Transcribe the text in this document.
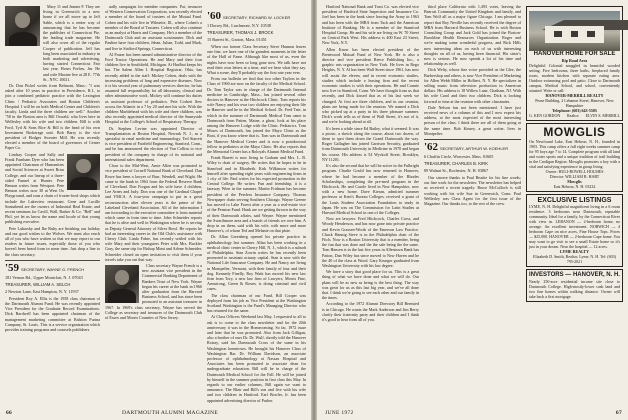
Mary 11 and Jeanne F. They are living in Greenwich in a new home if we all move up to Jeff Sable, which is a center way of announcing that he has become the publisher of Connecticut Pie, the leading trade magazine. He will also cover all of the regular Cooper of publication. Jeff has long been associated in industry in both marketing and advertising, having started Connecticut Fair last year. Hoses Forbes, Jnr. He and wife Maxine live at 28 E. 77th St., NYC 10021.

Dr. Don Pickel writes from Belmont, Mass.: "I was asked after 10 years in practice in Providence, R.I., to join a combined pediatric practice with the Lexington Clinic / Pediatric Associates and Boston Children's Hospital. I will be on both Medical Center and Children's faculty. Linda and the three children are well." Another "58 in the Boston area is Bill Oswald, who lives here in Wellesley with his wife and two children. Bill is with Ford, Tyd & Sons Rice & Bill is the head of his own Investment Brokerage unit. Bob Barry is the vice president of Hodges Sweater Mill. He was recently elected a member of the board of governors of Center Paper Co.

Lindsay Cooper and Sally and Frank Farnham Dyer who has been appointed Chairman of Humanities and Social Sciences at Sweet Briar College, and our lineup of a three-sided Funnel at Hunter. Pete Benson writes from Westport. Pete Benson writes now 30 at West Ox Playground, and runs a chain of frozen-food shops which include the Lakeview restaurant. Gene and Lucille Sonnabend are the owners of Industrial Real Estate, and recent seminars for Cavill, Wall, Barker & Co. "Bell" and Phil, yet let us know the name and locale of that young publishing executive.

Pete Lubarsky and Ike Ruby are finishing our holiday and our good wishes to the Wolves. We must also reach all of you who have written so that we may report to our readers in future issues, especially those of you who haven't been heard from in some time. Just drop a line to the class secretary.

'59 SECRETARY, WAYNE G. FRENCH
181 Vernon Rd., Upper Montclair, N. J. 07043
TREASURER, WILLIAM A. SELCH
2 Newton Lane, East Hampton, N. Y. 11937

President Roy A. Ellis is the 1958 class chairman of the Dartmouth Alumni Fund. He was recently appointed Vice President for the Graduate Record Examinations. Dick Bardwell has been appointed chairman of the management marketing committee at Ralston Purina Company, St. Louis. This is a service organization which provides training programs and counsels publishers.

ually campaigns for member companies. Pat, treasurer of Western Conservation Corporation, was recently elected a member of the board of trustees of the Mutual Fund. Cohen and his wife live in Wilmette, Ill., where Cohen's a member of the Board of Trustees. Cohen will also continue as an analyst at Harris and Company. He's a member of the Dartmouth Club and an assistant scoutmaster. Dick and Pauline have four children, Jehan, Julian, Todd, and Mark, and live in Stafford Springs, Connecticut.

Al Frazer has been named administrative director of the Ford Tractor Operations. He and Mary and their four children live in Southfield, Michigan. At Hurlbut keeps his hat. The Salem Allen I. Hospital Registrar, Ohio, has recently added to the staff: Mickey Cohen, deals with the increasing problems of long and expensive diseases. Now it is his second year of pulmonary services director, he has assumed full responsibility for all laboratory, clinical and other administrative work. Mickey will continue his duties as assistant professor of pediatrics. Pete Corbett flew across the Atlantic in a 7 by 20 and met his wife. With the children Marblehead with his wife and three children, was also recently appointed medical director of the Sunnyside Hospital at the College's School of Respiratory Therapy.

Dr. Stephen Levine was appointed Director of Transplantation at Boston Hospital, Newark N. J., as a specialist in renal medicine and immunology. Ted Starrett is vice president of Fairfield Engineering, Stanford, Conn., and he has announced the election of Van Collins to vice president of the company in charge of its national and international sales department.

Close to the Mid-West, Arnie Allen was promoted to vice president of Cornell National Bank of Cleveland. Dan Rowe has been a lawyer of Burr, Wendell, and Wight. He came to the bank in 1963 from the Federal Reserve Bank of Cleveland. Don Forgan and his wife have 4 children, Lee Arnes and Judy. Don was one of the Cardinal Chapel and YMCA. A four-year campaign to put in a great reconstruction after eleven years is the prime of the Lakeland Cleveland Association. All of the information I am forwarding to the executive committee is from material which came in from time to time. John Schneider reports that he is alive and well in Washington where he is serving as Deputy General Attorney of Silver Bowl. He reports he had an interesting career in the Old Club's assistance with Cherry Club. Linda Fabre, has recently settled with his wife Mary and their youngsters Peter with Mrs. Buckler Gray, the same trip for Bishop Mimi and Arlene Schneider. Schneider closed an open invitation to visit them if your travels take you out that way.

Class secretary Wayne French is a new assistant vice president in the Commercial Banking Department of Bankers Trust of New York. Wayne began his career at the bank in 1966 after graduation from the Harvard Business School, and has since been promoted to an assistant treasurer in 1967. In 1969's class secretary, Wayne has served the College as secretary and treasurer of the Dartmouth Club of Essex and Morris Counties of New Jersey.

'60 SECRETARY, RICHARD W. LOCKER
1 Dorsey Rd., Larchmont, N.Y. 10538
TREASURER, THOMAS J. BROCK
15 Barrett St., Groton, Mass. 01451

When our former Class Secretary Steve Hannon leaves one fine, we have one of the grandest moments in the letter of the Hall of Fame. Although like most of us, even the nights have now been so long gone now. We talk have not read their own letters at a time, and we hear what they say. What a scene, they'll probably say the first rate year ever.

From our bulletin we find that two other Taylors in the Class of 1960 are now on the faculty of the Medical School. Dr. Tom Taylor was in charge of the Dartmouth Internal medicine in Cambridge, Mass., has joined several other doctors in Hanover at the Hitchcock Clinic. Tom reports his wife Nancy and his own two children are enjoying their life in Hanover and he in the Medical School. Dr. Fred Tate, in which in the summer of Dartmouth Medical Tom came to Dartmouth from Patten, Maine, a ghost, look at his place among the Hanover Lodge with the Clinic. Pediatrics. Tom Moses of Dartmouth, has joined the Mayo Clinic as the Boat, if you know where that is. Tom was in Dartmouth and the Hanover Medical Center and is now a postdoctoral fellow in pediatrics at the Mayo Clinic. He also reports that the Memorial Center has a Roloyals Alumni Medical Fund.

Frank Barrett is now living in Gorham and Mrs. L. B. Wiley is chair of surgery. He writes that he hopes to be in Stamford and in Elizabeth. Kirk Wilkinson writes for himself after spending eight years with engineering firms in 1 city of life. Paul writes for his expected promotion in the Central College. He writes: Fun and friendship, it is a faraway Wien in the summer. Martin Fridman has become president of the Peerless Insurance Company. Thomas Newspaper chain serving Southern Chicago. Wayne Greene has moved to Lake Forest after a year as a real-estate vice of the Pension Fund. Hank are we getting thrown in the way of their Dartmouth affairs, said Wayne. Wayne mentioned the Swarthmore area and a bunch of friends we owe him. A drop in on them, said with his wife, with more and more Hanover's, of whom Ted and Melanie on that plate.

Dr. Allan Greenberg opened his private practice in ophthalmology last summer. Allan has been working in a medical clinic center in Cherry Hill, N. J., which is a suburb of Philadelphia. Stan Zowin writes he has recently been promoted to assistant actuary capital. Stan is now with the National Life Insurance Company. He and Nancy are living in Montpelier, Vermont, with their family of four and their dog. Kennedy Finelly, Roy Waitt has moved his new law firm from Tory, a new law firm of Lawyers, Morris Fine, Armstrong, Green & Rosen, is doing criminal and civil cases.

The class chairman of our Fund, Bill Cooper was deployed from his job as Vice President at the Washington Scotland Washington is the Fund's Managing Director who has returned for the same.

At Class Officers Weekend last May, I requested to all to ask is to come to the class newsletter and for the 20th anniversary it was in the Homecoming. So far, 1972 issue and later that he was promoted. Also from Jack Gilligan, also a brother of ours Dr. Dr. Wulf, shortly told the Hanover Rotary, said his Dartmouth Cross of the same in his Washington hometown. He brought his Hanover Class of Washington Bar. Dr. William Davidson, an associate professor of ophthalmology at Nassau Hospital and Associates has been promoted to associate dean for undergraduate education. Bill will be in charge of the Dartmouth Medical School for the Fall. He will be joined by himself in the summer position in first class this May. In regards to our earlier columns, Bill again we want to announce. The Blair and Bill's son and five with his wife and two children in Hartford. Earl Bowler, Jr. has been appointed advertising director of Parker.

66	DARTMOUTH ALUMNI MAGAZINE

Hartford National Bank and Trust Co. was elected vice president of Hartford State Inspection and Insurance Co. Joel has been in the bank since leaving the Army in 1963 and has been with the MBA from Tuck and the American Institute of Banking. He is a member of the Stamford Hospital Group. He and his wife are living on W. 70 Street on Central Park West. His address is 400 East 23 Street, New York, N.Y.

Allen Knorr has been elected president of the Brentwood Mutual Fund of New York. He is also a director and vice president Reece Publishing Inc., a graphic arts organization in New York. He lives in Rego Heights, N. Y. Al has been Wall Street since 1961, has now will assist the eleven, and in recent economic studies, studies which include a leasing firm and the recent economic studies is with their operations. He and Connie now live in Stamford, Conn. We have thought from us that recently, and Dick kissed that as of his last week we changed. At first are three children, and in our reunion, plans are being made for the reunion. We named a Dick who picked up at a party in his three pleasure summer. Dick's work tells us of them of Wall Street, it's not of it, and we're looking ahead at all.

It's been a while since Ed Bailey, what it seemed. It was a picnic, a sketch along the course, about two dozen, of them to spot them down the Grand Dartmouth the way. Roger Gallagher has joined Garrison Security, graduated from Dartmouth University in Medicine in 1970 and began his course. His address is 54 Wyckoff Street, Brooklyn, NY 11201.

It's also the second that he will be active in the Fulbright program. Charlie Gould has now returned to Hanover, where he had become a member of the Rhodes Scholarships, completing the pre-med program in the Hitchcock. He and Carole lived in New Hampshire, now with a new home. Dave Kieran, admitted summer professor at Kent's Bureau Colleges, received a grant of the Louis Student Association Foundation to study in Japan. He was on The Commission for Latin Studies at Harvard Medical School in one of the Colleges.

Now are lawyers: Fred Hitchcock, Charles Cross, and Woody Henderson, and has now gone into private practice and Kevin Grassen-Worth of the Emerson Law Practice. Chuck Hannig Steve is in the Philadelphia chair of the Fitch. Now is a Boston University that is a member, being the fun that was done and the the sale being the the same. Tom Hansen is in the last five years in Allentown Bank has Patton, Dan Wiley has since moved to New Haven and he the 40 of the class at Wood. Gary Krueger graduated from Washington University with his law degree.

We have a story that good place for us. This is a great thing of what we have done and what we will do. Our plans will be as new as being is the best thing. The way was great for us as this last big year, and we've all done that. I think we're going to see each other and our family in the times.

According to the 1972 Alumni Directory Bill Bernsted is in Chicago. He wants the Mark Anderson and Jim Berry clarify their fraternity party and their children and I think it's good to hear from all of you.

third place California with 1,493 votes, leaving the Bearcat Community the United Kingdom and family, and Tom Wolf all as a major figure Chicago. I am pleased to report that Roy Neville has recently received the degree of MBA from Harvard Business School. He is with Boston Consulting Group and Jack Gold has joined the Boston-Brookline Health Resources Organization. Roger and we're making some wonderful progress, and Rick Hills now interesting ideas on each of us with interesting thoughts on all of us, having been financial. His sister's now is serious. He now spends a lot of his time and relationship as well.

Dick Welty, whose fine voice provided us the Glee, the Barbershop and others, is now Vice President of Marketing for Allen Webb Miller in Holbert, N. Y. He specializes in selling music from television production in American dollars. His address is 18 Willow Lane, Chatham, NJ. With his wife Carol and their two children, Dick is looking forward to time at the reunion with other classmates.

Dale Nelson has not been mentioned. I have just received news of a column of this and I now expect his address, at the most expected of the most interesting person of the class. I think there are all of them going at the same time. Bob Kinsey, a great writer, lives in Montpelier.

'62 SECRETARY, ARTHUR W. KOEHLER
6 Chaffin Circle, Worcester, Mass. 01605
TREASURER, CHARLES B. KIRK
89 Walnut St., Rochester, N. H. 03867

Our sincere thanks to Paul Beattie for his fine words; our fine work for the newsletter. The newsletter has helped us received a recent tragedy. Bruce McCulloch is still working with his wife Sue in Greenwich, Conn. Paul Wellesley was Class Agent for the first issue of the Magazine. Our thanks too, to the rest of the crew.

HANOVER HOME FOR SALE
Rip Road Area
Delightful Colonial snuggled in beautiful wooded setting. Five bedrooms, three baths, fireplaced family room, modern kitchen with separate eating area. Outdoor swimming pool and patio. Close to Dartmouth campus, Medical School, and school, conveniently situated. Write or call:
HANOVER-MERRILL REALTY
Pease Building, 2 Lebanon Street, Hanover, New Hampshire
Telephone: (603) 643-5505
G. KEN GORDON Realtor ELVIN S. MERRILL
MOWGLIS
On Newfound Lake, East Hebron, N. H., founded in 1903. This camp offers a full eight weeks summer camp for 95 boys age 7 to 14. Complete program with all land and water sports and a unique tradition of trail building in the Cardigan Region. Mowglis promotes a boy with a vital and satisfying experience in group living.
Owner: HULI-ROWELL HOLMES
Director: WILLIAM B. HART
Mowglis
East Hebron, N. H. 03232
EXCLUSIVE LISTINGS
LYME, N. H. Delightful magnificent living in a 6 room residence. 3 bedrooms near Dartmouth, reputable community. Ideal for a family, by the Connecticut River with view in. LEBANON — 2-bedroom home, no acreage. An excellent investment. NORWICH — 4 bedroom Cape on nice acres, Fine House Tops. Prices — $25,000. HANOVER — 2-bedroom Cape home. You may want to go visit to see a small Estate home so it's just in your dream. Near the hospital — 12 acres.
LYME REALTY
Elizabeth D. Smith, Realtor, Lyme, N. H. Tel: (603) 795-2021
INVESTORS — HANOVER, N. H.
Nearly 250-acre residential income site close to Dartmouth College. High-mostly-lower cash land and two fine homes within walking distance. Owner will take back a first mortgage.
JUNE 1972	67
